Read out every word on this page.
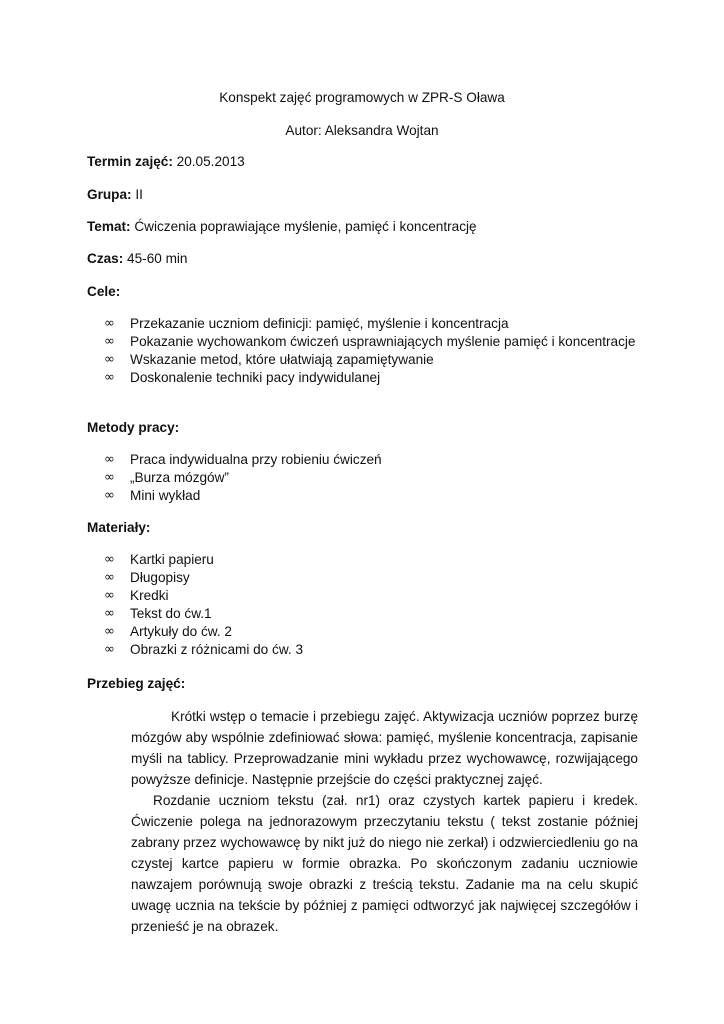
Konspekt zajęć programowych w ZPR-S Oława
Autor: Aleksandra Wojtan
Termin zajęć: 20.05.2013
Grupa: II
Temat: Ćwiczenia poprawiające myślenie, pamięć i koncentrację
Czas: 45-60 min
Cele:
∞ Przekazanie uczniom definicji: pamięć, myślenie i koncentracja
∞ Pokazanie wychowankom ćwiczeń usprawniających myślenie pamięć i koncentracje
∞ Wskazanie metod, które ułatwiają zapamiętywanie
∞ Doskonalenie techniki pacy indywidulanej
Metody pracy:
∞ Praca indywidualna przy robieniu ćwiczeń
∞ „Burza mózgów”
∞ Mini wykład
Materiały:
∞ Kartki papieru
∞ Długopisy
∞ Kredki
∞ Tekst do ćw.1
∞ Artykuły do ćw. 2
∞ Obrazki z różnicami do ćw. 3
Przebieg zajęć:

Krótki wstęp o temacie i przebiegu zajęć. Aktywizacja uczniów poprzez burzę mózgów aby wspólnie zdefiniować słowa: pamięć, myślenie koncentracja, zapisanie myśli na tablicy. Przeprowadzanie mini wykładu przez wychowawcę, rozwijającego powyższe definicje. Następnie przejście do części praktycznej zajęć.

Rozdanie uczniom tekstu (zał. nr1) oraz czystych kartek papieru i kredek. Ćwiczenie polega na jednorazowym przeczytaniu tekstu ( tekst zostanie później zabrany przez wychowawcę by nikt już do niego nie zerkał) i odzwierciedleniu go na czystej kartce papieru w formie obrazka. Po skończonym zadaniu uczniowie nawzajem porównują swoje obrazki z treścią tekstu. Zadanie ma na celu skupić uwagę ucznia na tekście by później z pamięci odtworzyć jak najwięcej szczegółów i przenieść je na obrazek.
